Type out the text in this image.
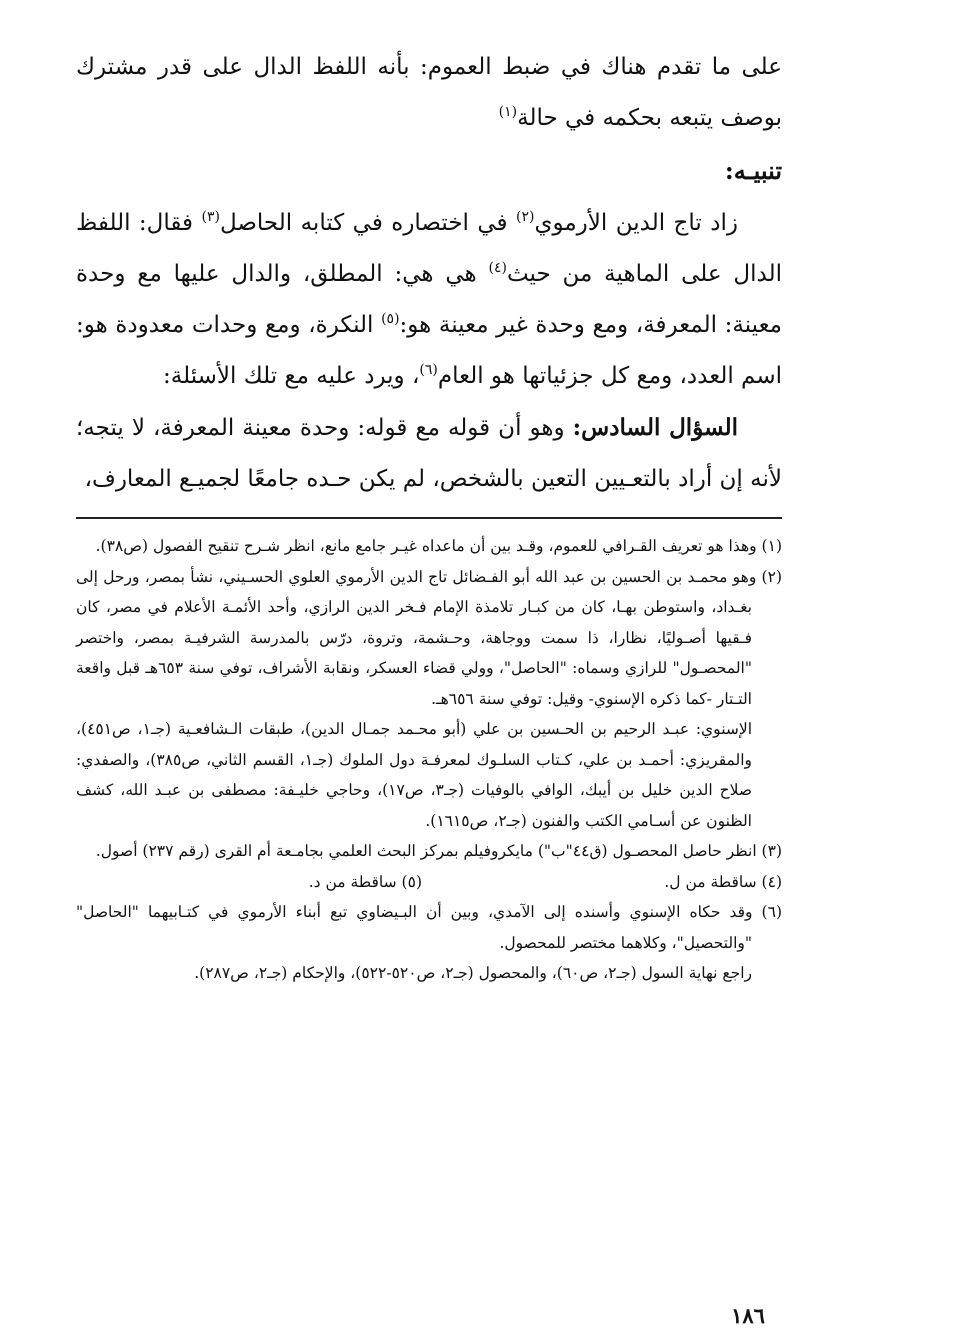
على ما تقدم هناك في ضبط العموم: بأنه اللفظ الدال على قدر مشترك بوصف يتبعه بحكمه في حالة$^{(١)}$

تنبيـه:

زاد تاج الدين الأرموي$^{(٢)}$ في اختصاره في كتابه الحاصل$^{(٣)}$ فقال: اللفظ الدال على الماهية من حيث$^{(٤)}$ هي هي: المطلق، والدال عليها مع وحدة معينة: المعرفة، ومع وحدة غير معينة هو:$^{(٥)}$ النكرة، ومع وحدات معدودة هو: اسم العدد، ومع كل جزئياتها هو العام$^{(٦)}$، ويرد عليه مع تلك الأسئلة:

السؤال السادس: وهو أن قوله مع قوله: وحدة معينة المعرفة، لا يتجه؛ لأنه إن أراد بالتعـيين التعين بالشخص، لم يكن حـده جامعًا لجميـع المعارف،

(١) وهذا هو تعريف القـرافي للعموم، وقـد بين أن ماعداه غيـر جامع مانع، انظر شـرح تنقيح الفصول (ص٣٨).

(٢) وهو محمـد بن الحسين بن عبد الله أبو الفـضائل تاج الدين الأرموي العلوي الحسـيني، نشأ بمصر، ورحل إلى بغـداد، واستوطن بهـا، كان من كبـار تلامذة الإمام فـخر الدين الرازي، وأحد الأئمـة الأعلام في مصر، كان فـقيها أصـوليًا، نظارا، ذا سمت ووجاهة، وحـشمة، وتروة، درّس بالمدرسة الشرفيـة بمصر، واختصر "المحصـول" للرازي وسماه: "الحاصل"، وولي قضاء العسكر، ونقابة الأشراف، توفي سنة ٦٥٣هـ قبل واقعة التـتار -كما ذكره الإسنوي- وقيل: توفي سنة ٦٥٦هـ.

الإسنوي: عبـد الرحيم بن الحـسين بن علي (أبو محـمد جمـال الدين)، طبقات الـشافعـية (جـ١، ص٤٥١)، والمقريزي: أحمـد بن علي، كـتاب السلـوك لمعرفـة دول الملوك (جـ١، القسم الثاني، ص٣٨٥)، والصفدي: صلاح الدين خليل بن أيبك، الوافي بالوفيات (جـ٣، ص١٧)، وحاجي خليـفة: مصطفى بن عبـد الله، كشف الظنون عن أسـامي الكتب والفنون (جـ٢، ص١٦١٥).

(٣) انظر حاصل المحصـول (ق٤٤"ب") مايكروفيلم بمركز البحث العلمي بجامـعة أم القرى (رقم ٢٣٧) أصول.

(٤) ساقطة من ل.
(٥) ساقطة من د.

(٦) وقد حكاه الإسنوي وأسنده إلى الآمدي، وبين أن البـيضاوي تبع أبناء الأرموي في كتـابيهما "الحاصل" "والتحصيل"، وكلاهما مختصر للمحصول.

راجع نهاية السول (جـ٢، ص٦٠)، والمحصول (جـ٢، ص٥٢٠-٥٢٢)، والإحكام (جـ٢، ص٢٨٧).

١٨٦
